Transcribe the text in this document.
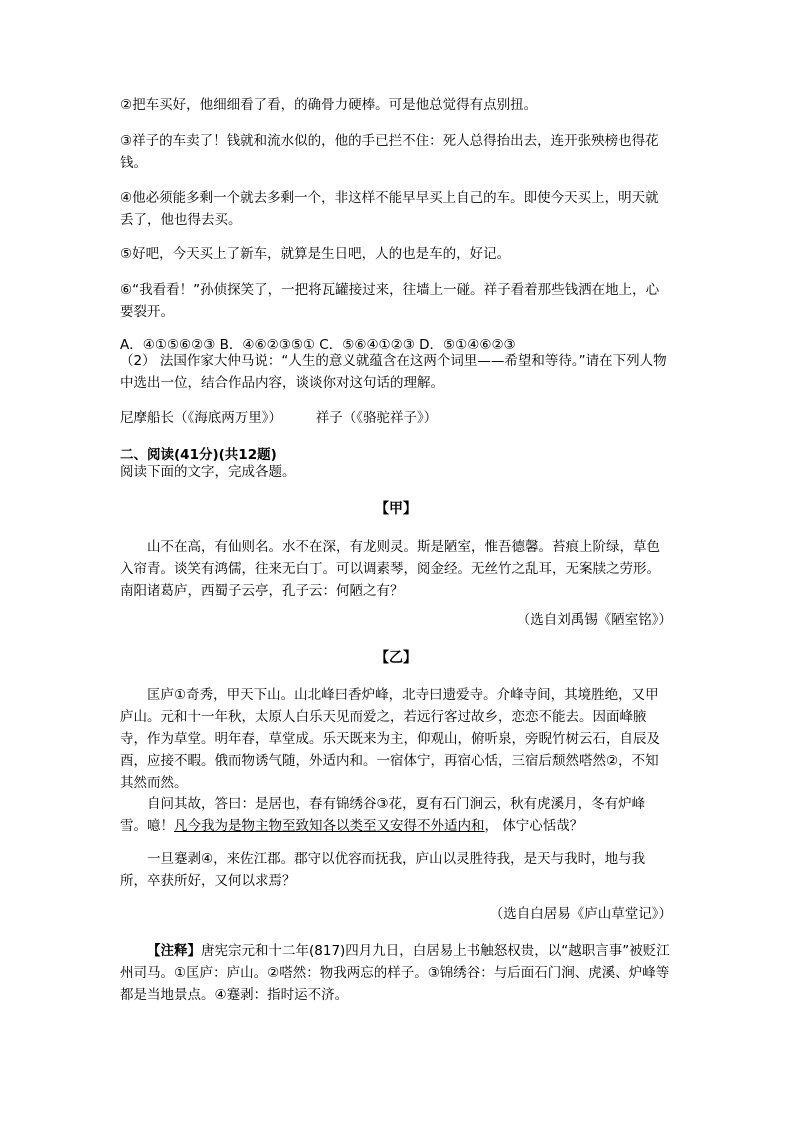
②把车买好，他细细看了看，的确骨力硬棒。可是他总觉得有点别扭。

③祥子的车卖了！钱就和流水似的，他的手已拦不住：死人总得抬出去，连开张殃榜也得花钱。

④他必须能多剩一个就去多剩一个，非这样不能早早买上自己的车。即使今天买上，明天就丢了，他也得去买。

⑤好吧，今天买上了新车，就算是生日吧，人的也是车的，好记。

⑥“我看看！”孙侦探笑了，一把将瓦罐接过来，往墙上一碰。祥子看着那些钱洒在地上，心要裂开。

A．④①⑤⑥②③ B．④⑥②③⑤① C．⑤⑥④①②③ D．⑤①④⑥②③

（2） 法国作家大仲马说：“人生的意义就蕴含在这两个词里——希望和等待。”请在下列人物中选出一位，结合作品内容，谈谈你对这句话的理解。

尼摩船长（《海底两万里》）　　　祥子（《骆驼祥子》）

二、阅读(41分)(共12题)

阅读下面的文字，完成各题。

【甲】

山不在高，有仙则名。水不在深，有龙则灵。斯是陋室，惟吾德馨。苔痕上阶绿，草色入帘青。谈笑有鸿儒，往来无白丁。可以调素琴，阅金经。无丝竹之乱耳，无案牍之劳形。南阳诸葛庐，西蜀子云亭，孔子云：何陋之有？

（选自刘禹锡《陋室铭》）

【乙】

匡庐①奇秀，甲天下山。山北峰曰香炉峰，北寺曰遗爱寺。介峰寺间，其境胜绝，又甲庐山。元和十一年秋，太原人白乐天见而爱之，若远行客过故乡，恋恋不能去。因面峰腋寺，作为草堂。明年春，草堂成。乐天既来为主，仰观山，俯听泉，旁睨竹树云石，自辰及酉，应接不暇。俄而物诱气随，外适内和。一宿体宁，再宿心恬，三宿后颓然嗒然②，不知其然而然。

自问其故，答曰：是居也，春有锦绣谷③花，夏有石门涧云，秋有虎溪月，冬有炉峰雪。噫！凡今我为是物主物至致知各以类至又安得不外适内和， 体宁心恬哉？

一旦蹇剥④，来佐江郡。郡守以优容而抚我，庐山以灵胜待我，是天与我时，地与我所，卒获所好，又何以求焉？

（选自白居易《庐山草堂记》）

【注释】唐宪宗元和十二年(817)四月九日，白居易上书触怒权贵，以“越职言事”被贬江州司马。①匡庐：庐山。②嗒然：物我两忘的样子。③锦绣谷：与后面石门涧、虎溪、炉峰等都是当地景点。④蹇剥：指时运不济。
